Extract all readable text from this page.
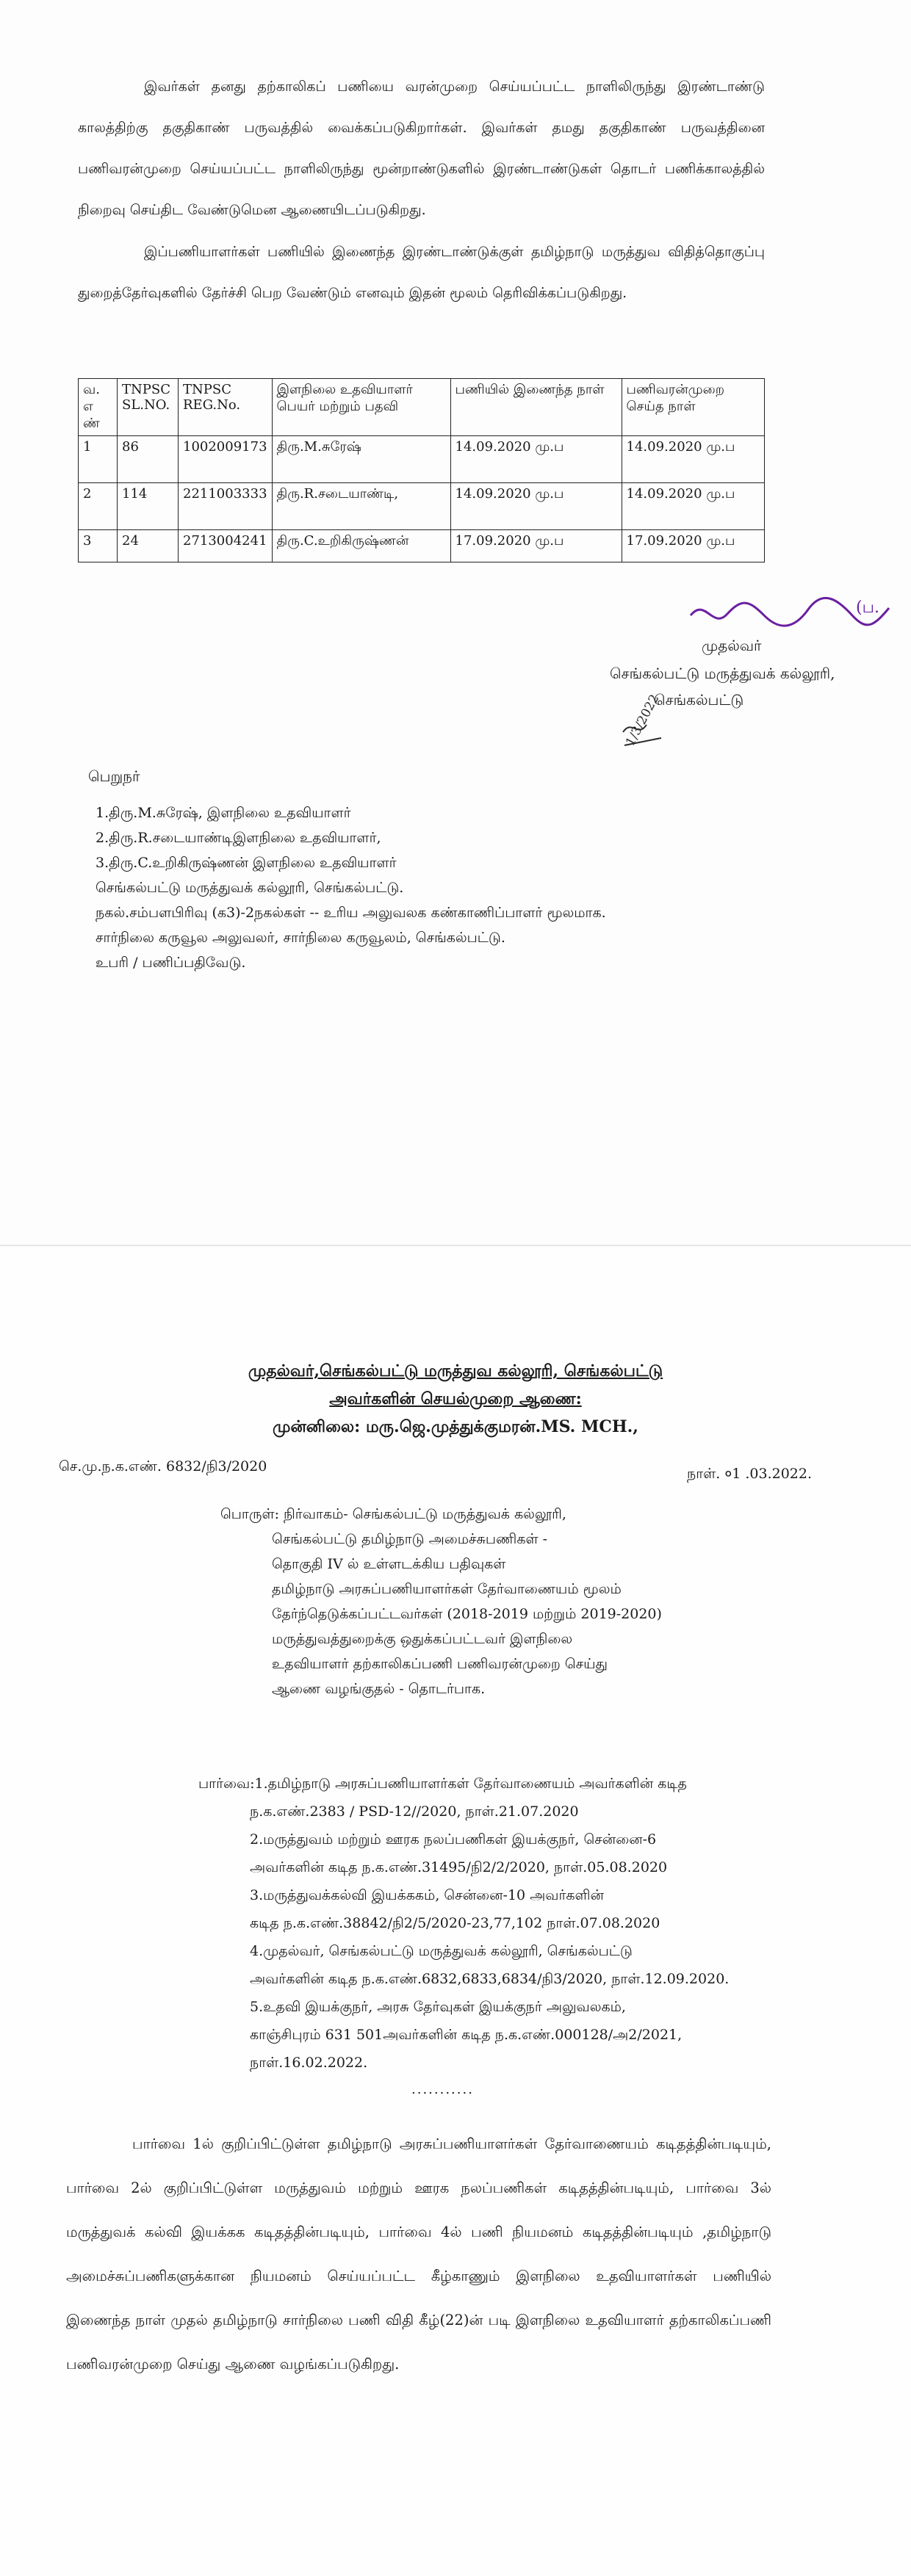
இவர்கள் தனது தற்காலிகப் பணியை வரன்முறை செய்யப்பட்ட நாளிலிருந்து இரண்டாண்டு காலத்திற்கு தகுதிகாண் பருவத்தில் வைக்கப்படுகிறார்கள். இவர்கள் தமது தகுதிகாண் பருவத்தினை பணிவரன்முறை செய்யப்பட்ட நாளிலிருந்து மூன்றாண்டுகளில் இரண்டாண்டுகள் தொடர் பணிக்காலத்தில் நிறைவு செய்திட வேண்டுமென ஆணையிடப்படுகிறது.

இப்பணியாளர்கள் பணியில் இணைந்த இரண்டாண்டுக்குள் தமிழ்நாடு மருத்துவ விதித்தொகுப்பு துறைத்தேர்வுகளில் தேர்ச்சி பெற வேண்டும் எனவும் இதன் மூலம் தெரிவிக்கப்படுகிறது.

வ. எ ண்	TNPSC SL.NO.	TNPSC REG.No.	இளநிலை உதவியாளர் பெயர் மற்றும் பதவி	பணியில் இணைந்த நாள்	பணிவரன்முறை செய்த நாள்
1	86	1002009173	திரு.M.சுரேஷ்	14.09.2020 மு.ப	14.09.2020 மு.ப
2	114	2211003333	திரு.R.சடையாண்டி,	14.09.2020 மு.ப	14.09.2020 மு.ப
3	24	2713004241	திரு.C.உறிகிருஷ்ணன்	17.09.2020 மு.ப	17.09.2020 மு.ப
(ப.
முதல்வர்
செங்கல்பட்டு மருத்துவக் கல்லூரி,
செங்கல்பட்டு
1/3/2022
பெறுநர்
1.திரு.M.சுரேஷ், இளநிலை உதவியாளர்
2.திரு.R.சடையாண்டிஇளநிலை உதவியாளர்,
3.திரு.C.உறிகிருஷ்ணன் இளநிலை உதவியாளர்
செங்கல்பட்டு மருத்துவக் கல்லூரி, செங்கல்பட்டு.
நகல்.சம்பளபிரிவு (க3)-2நகல்கள் -- உரிய அலுவலக கண்காணிப்பாளர் மூலமாக.
சார்நிலை கருவூல அலுவலர், சார்நிலை கருவூலம், செங்கல்பட்டு.
உபரி / பணிப்பதிவேடு.
முதல்வர்,செங்கல்பட்டு மருத்துவ கல்லூரி, செங்கல்பட்டு
அவர்களின் செயல்முறை ஆணை:
முன்னிலை: மரு.ஜெ.முத்துக்குமரன்.MS. MCH.,
செ.மு.ந.க.எண். 6832/நி3/2020	நாள். ०1 .03.2022.
பொருள்: நிர்வாகம்- செங்கல்பட்டு மருத்துவக் கல்லூரி,
செங்கல்பட்டு தமிழ்நாடு அமைச்சுபணிகள் -
தொகுதி IV ல் உள்ளடக்கிய பதிவுகள்
தமிழ்நாடு அரசுப்பணியாளர்கள் தேர்வாணையம் மூலம்
தேர்ந்தெடுக்கப்பட்டவர்கள் (2018-2019 மற்றும் 2019-2020)
மருத்துவத்துறைக்கு ஒதுக்கப்பட்டவர் இளநிலை
உதவியாளர் தற்காலிகப்பணி பணிவரன்முறை செய்து
ஆணை வழங்குதல் - தொடர்பாக.
பார்வை:1.தமிழ்நாடு அரசுப்பணியாளர்கள் தேர்வாணையம் அவர்களின் கடித
ந.க.எண்.2383 / PSD-12//2020, நாள்.21.07.2020
2.மருத்துவம் மற்றும் ஊரக நலப்பணிகள் இயக்குநர், சென்னை-6
அவர்களின் கடித ந.க.எண்.31495/நி2/2/2020, நாள்.05.08.2020
3.மருத்துவக்கல்வி இயக்ககம், சென்னை-10 அவர்களின்
கடித ந.க.எண்.38842/நி2/5/2020-23,77,102 நாள்.07.08.2020
4.முதல்வர், செங்கல்பட்டு மருத்துவக் கல்லூரி, செங்கல்பட்டு
அவர்களின் கடித ந.க.எண்.6832,6833,6834/நி3/2020, நாள்.12.09.2020.
5.உதவி இயக்குநர், அரசு தேர்வுகள் இயக்குநர் அலுவலகம்,
காஞ்சிபுரம் 631 501அவர்களின் கடித ந.க.எண்.000128/அ2/2021,
நாள்.16.02.2022.
...........

பார்வை 1ல் குறிப்பிட்டுள்ள தமிழ்நாடு அரசுப்பணியாளர்கள் தேர்வாணையம் கடிதத்தின்படியும், பார்வை 2ல் குறிப்பிட்டுள்ள மருத்துவம் மற்றும் ஊரக நலப்பணிகள் கடிதத்தின்படியும், பார்வை 3ல் மருத்துவக் கல்வி இயக்கக கடிதத்தின்படியும், பார்வை 4ல் பணி நியமனம் கடிதத்தின்படியும் ,தமிழ்நாடு அமைச்சுப்பணிகளுக்கான நியமனம் செய்யப்பட்ட கீழ்காணும் இளநிலை உதவியாளர்கள் பணியில் இணைந்த நாள் முதல் தமிழ்நாடு சார்நிலை பணி விதி கீழ்(22)ன் படி இளநிலை உதவியாளர் தற்காலிகப்பணி பணிவரன்முறை செய்து ஆணை வழங்கப்படுகிறது.
